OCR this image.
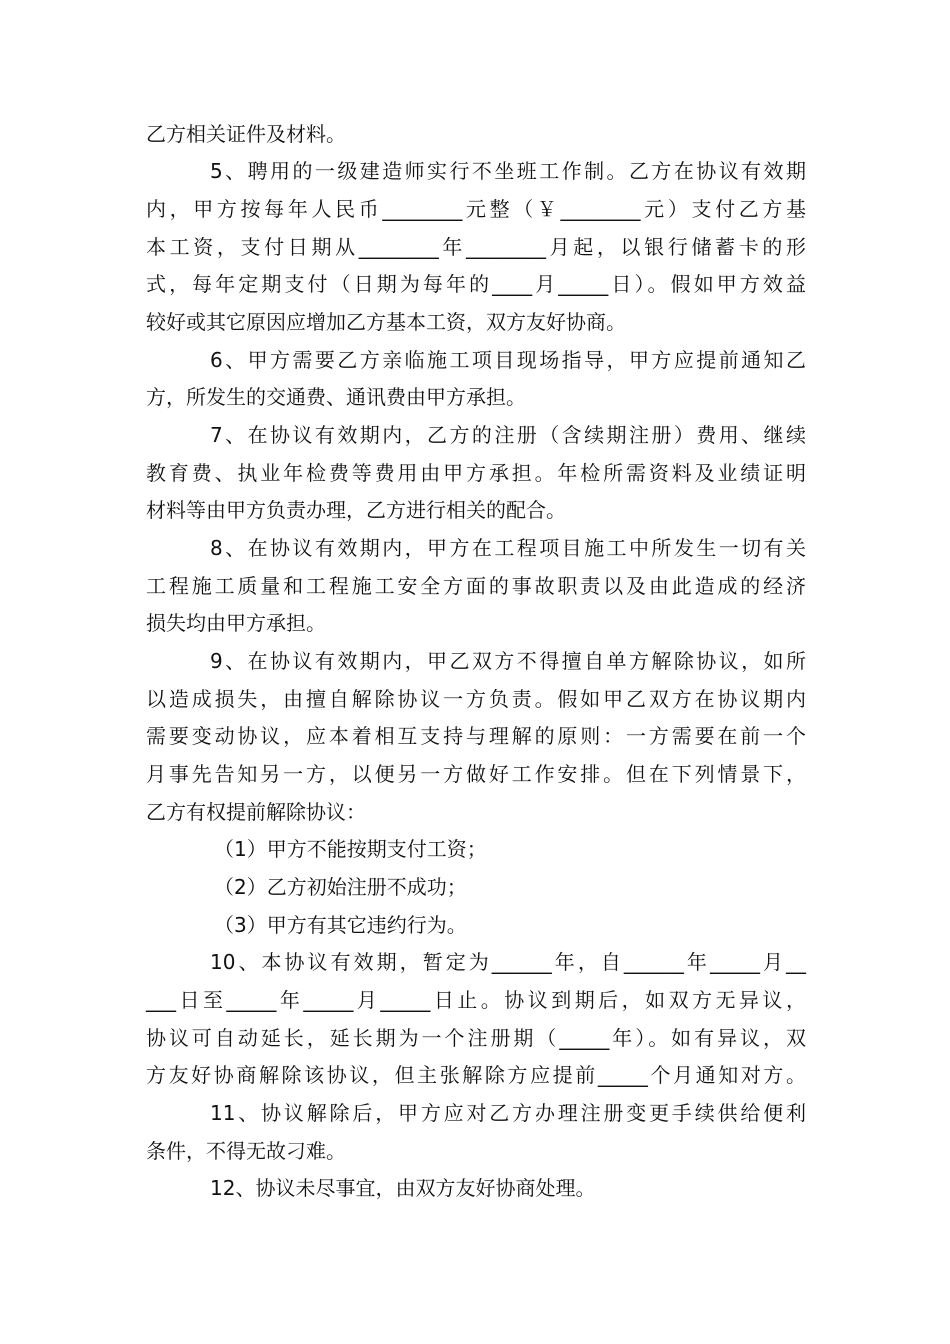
乙方相关证件及材料。
5、聘用的一级建造师实行不坐班工作制。乙方在协议有效期
内，甲方按每年人民币________元整（￥________元）支付乙方基
本工资，支付日期从________年________月起，以银行储蓄卡的形
式，每年定期支付（日期为每年的____月_____日）。假如甲方效益
较好或其它原因应增加乙方基本工资，双方友好协商。
6、甲方需要乙方亲临施工项目现场指导，甲方应提前通知乙
方，所发生的交通费、通讯费由甲方承担。
7、在协议有效期内，乙方的注册（含续期注册）费用、继续
教育费、执业年检费等费用由甲方承担。年检所需资料及业绩证明
材料等由甲方负责办理，乙方进行相关的配合。
8、在协议有效期内，甲方在工程项目施工中所发生一切有关
工程施工质量和工程施工安全方面的事故职责以及由此造成的经济
损失均由甲方承担。
9、在协议有效期内，甲乙双方不得擅自单方解除协议，如所
以造成损失，由擅自解除协议一方负责。假如甲乙双方在协议期内
需要变动协议，应本着相互支持与理解的原则：一方需要在前一个
月事先告知另一方，以便另一方做好工作安排。但在下列情景下，
乙方有权提前解除协议：
（1）甲方不能按期支付工资；
（2）乙方初始注册不成功；
（3）甲方有其它违约行为。
10、本协议有效期，暂定为______年，自______年_____月__
___日至_____年_____月_____日止。协议到期后，如双方无异议，
协议可自动延长，延长期为一个注册期（_____年）。如有异议，双
方友好协商解除该协议，但主张解除方应提前_____个月通知对方。
11、协议解除后，甲方应对乙方办理注册变更手续供给便利
条件，不得无故刁难。
12、协议未尽事宜，由双方友好协商处理。
